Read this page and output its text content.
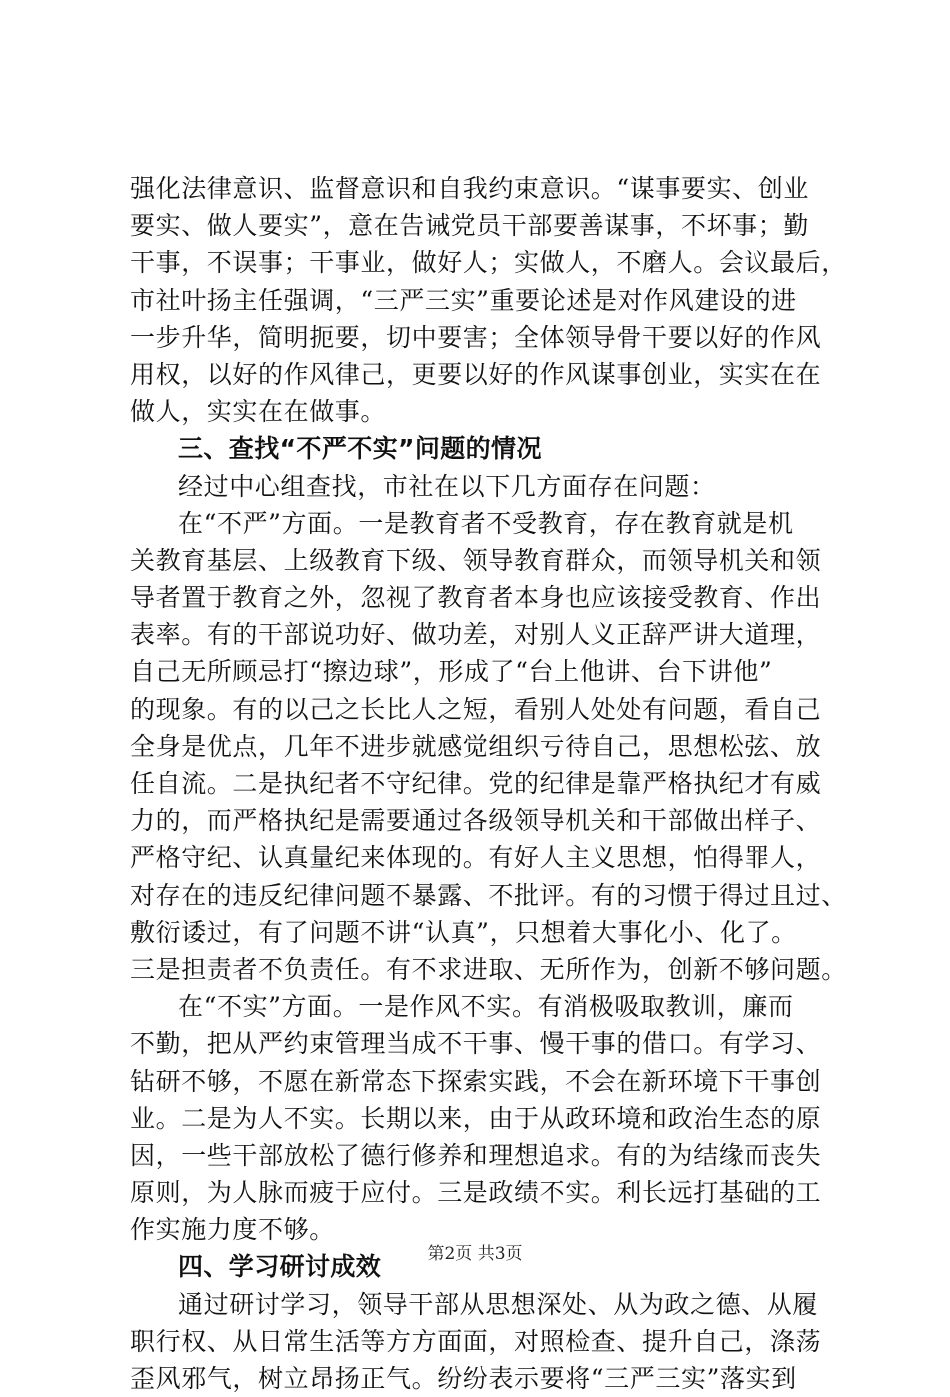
强化法律意识、监督意识和自我约束意识。“谋事要实、创业
要实、做人要实”，意在告诫党员干部要善谋事，不坏事；勤
干事，不误事；干事业，做好人；实做人，不磨人。会议最后，
市社叶扬主任强调，“三严三实”重要论述是对作风建设的进
一步升华，简明扼要，切中要害；全体领导骨干要以好的作风
用权，以好的作风律己，更要以好的作风谋事创业，实实在在
做人，实实在在做事。
三、查找“不严不实”问题的情况
经过中心组查找，市社在以下几方面存在问题：
在“不严”方面。一是教育者不受教育，存在教育就是机
关教育基层、上级教育下级、领导教育群众，而领导机关和领
导者置于教育之外，忽视了教育者本身也应该接受教育、作出
表率。有的干部说功好、做功差，对别人义正辞严讲大道理，
自己无所顾忌打“擦边球”，形成了“台上他讲、台下讲他”
的现象。有的以己之长比人之短，看别人处处有问题，看自己
全身是优点，几年不进步就感觉组织亏待自己，思想松弦、放
任自流。二是执纪者不守纪律。党的纪律是靠严格执纪才有威
力的，而严格执纪是需要通过各级领导机关和干部做出样子、
严格守纪、认真量纪来体现的。有好人主义思想，怕得罪人，
对存在的违反纪律问题不暴露、不批评。有的习惯于得过且过、
敷衍诿过，有了问题不讲“认真”，只想着大事化小、化了。
三是担责者不负责任。有不求进取、无所作为，创新不够问题。
在“不实”方面。一是作风不实。有消极吸取教训，廉而
不勤，把从严约束管理当成不干事、慢干事的借口。有学习、
钻研不够，不愿在新常态下探索实践，不会在新环境下干事创
业。二是为人不实。长期以来，由于从政环境和政治生态的原
因，一些干部放松了德行修养和理想追求。有的为结缘而丧失
原则，为人脉而疲于应付。三是政绩不实。利长远打基础的工
作实施力度不够。
四、学习研讨成效
通过研讨学习，领导干部从思想深处、从为政之德、从履
职行权、从日常生活等方方面面，对照检查、提升自己，涤荡
歪风邪气，树立昂扬正气。纷纷表示要将“三严三实”落实到
第2页 共3页
